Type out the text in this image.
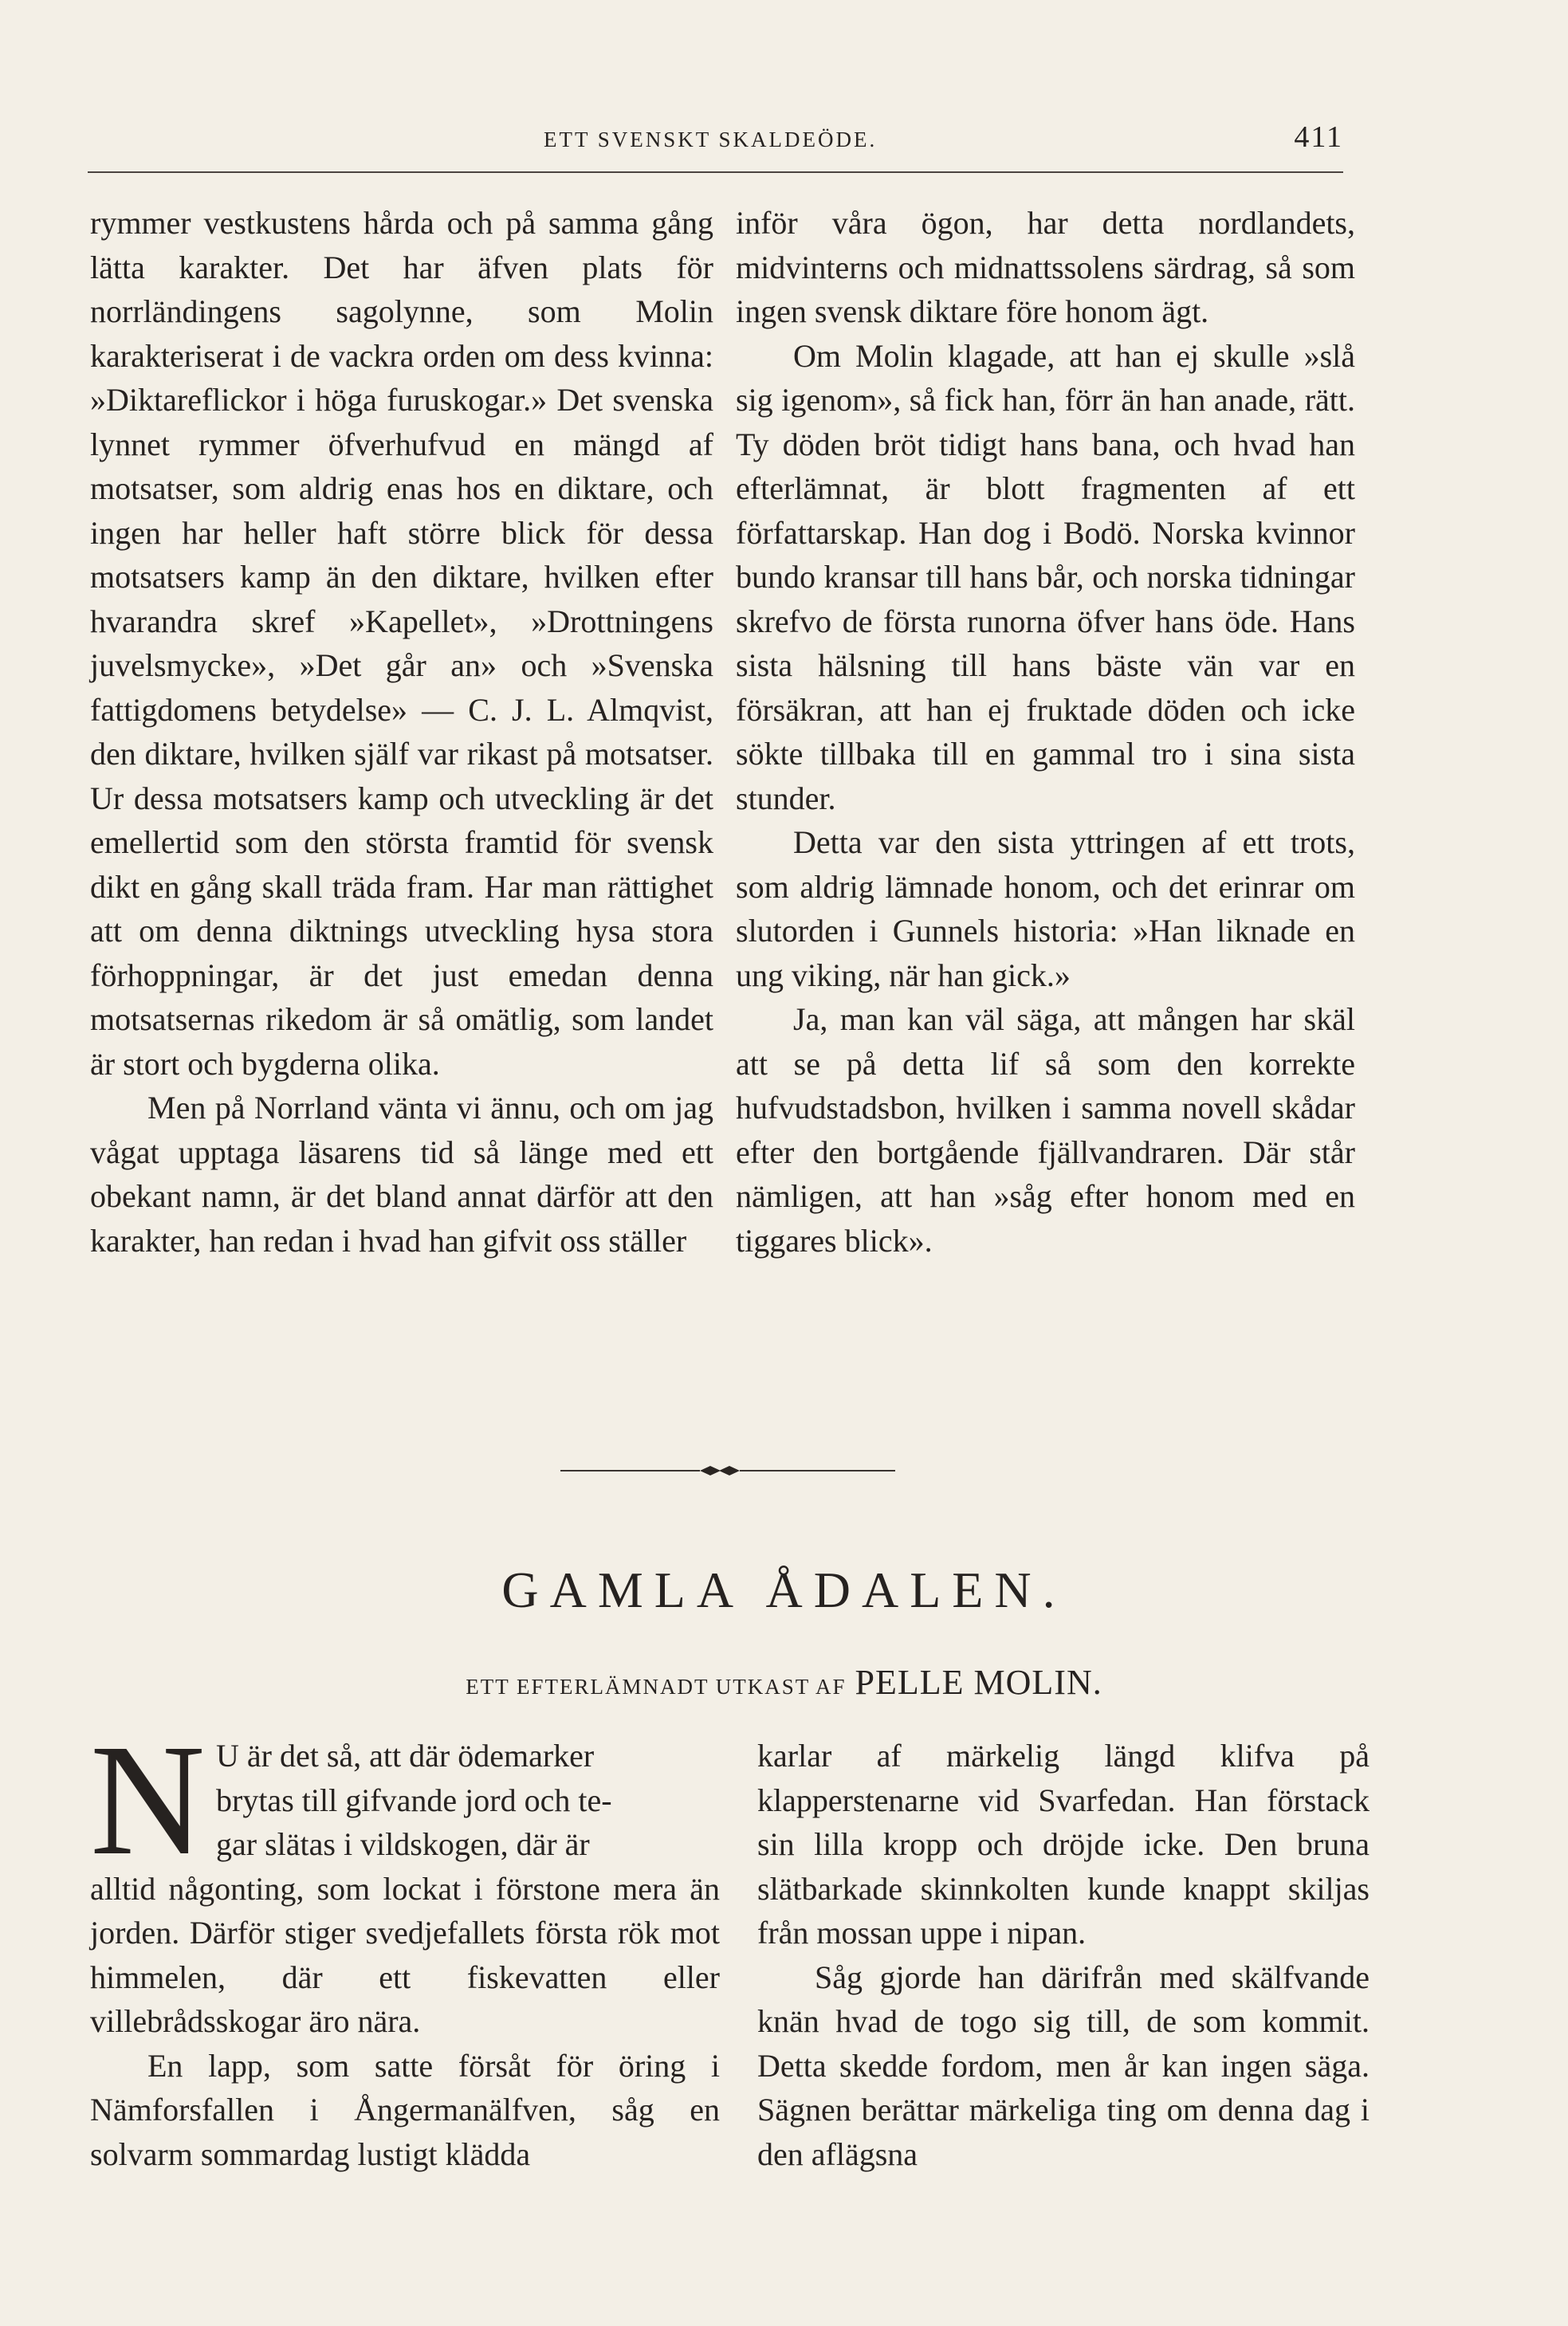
ETT SVENSKT SKALDEÖDE.	411

rymmer vestkustens hårda och på samma gång lätta karakter. Det har äfven plats för norrländingens sagolynne, som Molin karakteriserat i de vackra orden om dess kvinna: »Diktareflickor i höga furuskogar.» Det svenska lynnet rymmer öfverhufvud en mängd af motsatser, som aldrig enas hos en diktare, och ingen har heller haft större blick för dessa motsatsers kamp än den diktare, hvilken efter hvarandra skref »Kapellet», »Drottningens juvelsmycke», »Det går an» och »Svenska fattigdomens betydelse» — C. J. L. Almqvist, den diktare, hvilken själf var rikast på motsatser. Ur dessa motsatsers kamp och utveckling är det emellertid som den största framtid för svensk dikt en gång skall träda fram. Har man rättighet att om denna diktnings utveckling hysa stora förhoppningar, är det just emedan denna motsatsernas rikedom är så omätlig, som landet är stort och bygderna olika.

Men på Norrland vänta vi ännu, och om jag vågat upptaga läsarens tid så länge med ett obekant namn, är det bland annat därför att den karakter, han redan i hvad han gifvit oss ställer

inför våra ögon, har detta nordlandets, midvinterns och midnattssolens särdrag, så som ingen svensk diktare före honom ägt.

Om Molin klagade, att han ej skulle »slå sig igenom», så fick han, förr än han anade, rätt. Ty döden bröt tidigt hans bana, och hvad han efterlämnat, är blott fragmenten af ett författarskap. Han dog i Bodö. Norska kvinnor bundo kransar till hans bår, och norska tidningar skrefvo de första runorna öfver hans öde. Hans sista hälsning till hans bäste vän var en försäkran, att han ej fruktade döden och icke sökte tillbaka till en gammal tro i sina sista stunder.

Detta var den sista yttringen af ett trots, som aldrig lämnade honom, och det erinrar om slutorden i Gunnels historia: »Han liknade en ung viking, när han gick.»

Ja, man kan väl säga, att mången har skäl att se på detta lif så som den korrekte hufvudstadsbon, hvilken i samma novell skådar efter den bortgående fjällvandraren. Där står nämligen, att han »såg efter honom med en tiggares blick».

GAMLA ÅDALEN.
ETT EFTERLÄMNADT UTKAST AF PELLE MOLIN.
N U är det så, att där ödemarker
brytas till gifvande jord och te-
gar slätas i vildskogen, där är

alltid någonting, som lockat i förstone mera än jorden. Därför stiger svedjefallets första rök mot himmelen, där ett fiskevatten eller villebrådsskogar äro nära.

En lapp, som satte försåt för öring i Nämforsfallen i Ångermanälfven, såg en solvarm sommardag lustigt klädda

karlar af märkelig längd klifva på klapperstenarne vid Svarfedan. Han förstack sin lilla kropp och dröjde icke. Den bruna slätbarkade skinnkolten kunde knappt skiljas från mossan uppe i nipan.

Såg gjorde han därifrån med skälfvande knän hvad de togo sig till, de som kommit. Detta skedde fordom, men år kan ingen säga. Sägnen berättar märkeliga ting om denna dag i den aflägsna
